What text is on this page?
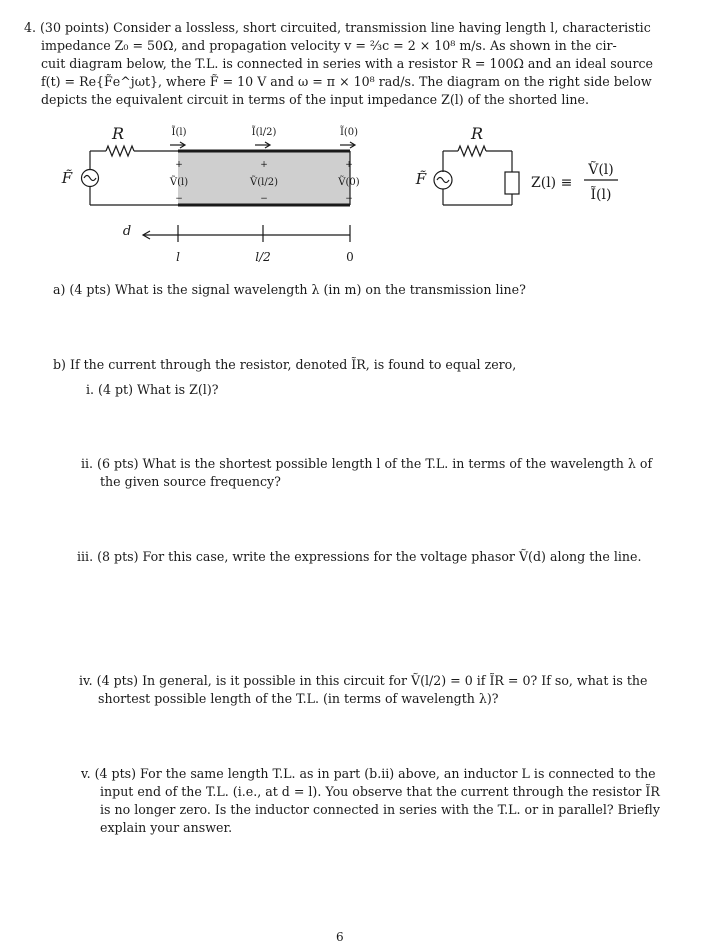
4. (30 points) Consider a lossless, short circuited, transmission line having length l, characteristic
impedance Z₀ = 50Ω, and propagation velocity v = ⅔c = 2 × 10⁸ m/s. As shown in the cir-
cuit diagram below, the T.L. is connected in series with a resistor R = 100Ω and an ideal source
f(t) = Re{F̃e^jωt}, where F̃ = 10 V and ω = π × 10⁸ rad/s. The diagram on the right side below
depicts the equivalent circuit in terms of the input impedance Z(l) of the shorted line.
R
F̃
Ĩ(l)	Ĩ(l/2)	Ĩ(0)
+	+	+
Ṽ(l)	Ṽ(l/2)	Ṽ(0)
−	−	−
d
l	l/2	0
R
F̃	Z(l) ≡
Ṽ(l)
Ĩ(l)
a) (4 pts) What is the signal wavelength λ (in m) on the transmission line?
b) If the current through the resistor, denoted ĨR, is found to equal zero,
i. (4 pt) What is Z(l)?
ii. (6 pts) What is the shortest possible length l of the T.L. in terms of the wavelength λ of
the given source frequency?
iii. (8 pts) For this case, write the expressions for the voltage phasor Ṽ(d) along the line.
iv. (4 pts) In general, is it possible in this circuit for Ṽ(l/2) = 0 if ĨR = 0? If so, what is the
shortest possible length of the T.L. (in terms of wavelength λ)?
v. (4 pts) For the same length T.L. as in part (b.ii) above, an inductor L is connected to the
input end of the T.L. (i.e., at d = l). You observe that the current through the resistor ĨR
is no longer zero. Is the inductor connected in series with the T.L. or in parallel? Briefly
explain your answer.
6
